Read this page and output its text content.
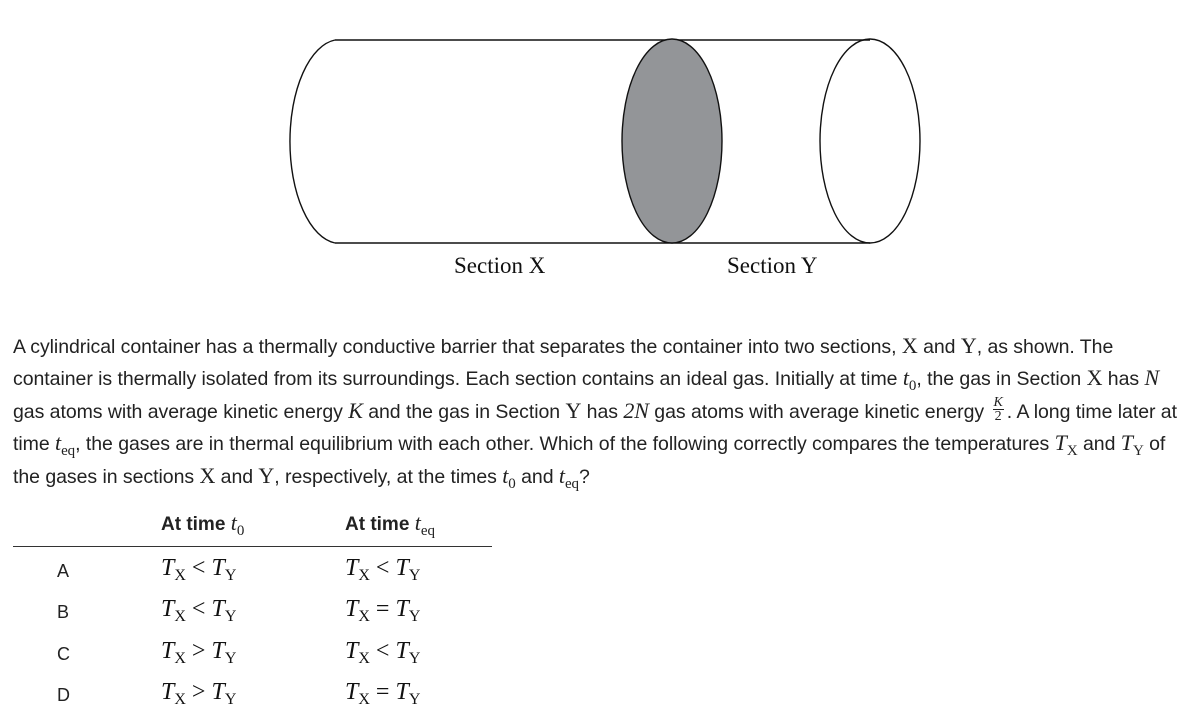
Section X	Section Y

A cylindrical container has a thermally conductive barrier that separates the container into two sections, X and Y, as shown. The container is thermally isolated from its surroundings. Each section contains an ideal gas. Initially at time $t_0$, the gas in Section X has N gas atoms with average kinetic energy K and the gas in Section Y has 2N gas atoms with average kinetic energy $\frac{K}{2}$ . A long time later at time $t_{eq}$, the gases are in thermal equilibrium with each other. Which of the following correctly compares the temperatures $T_X$ and $T_Y$ of the gases in sections X and Y, respectively, at the times $t_0$ and $t_{eq}$?

At time $t_0$	At time $t_{eq}$
A	$T_X < T_Y$	$T_X < T_Y$
B	$T_X < T_Y$	$T_X = T_Y$
C	$T_X > T_Y$	$T_X < T_Y$
D	$T_X > T_Y$	$T_X = T_Y$
